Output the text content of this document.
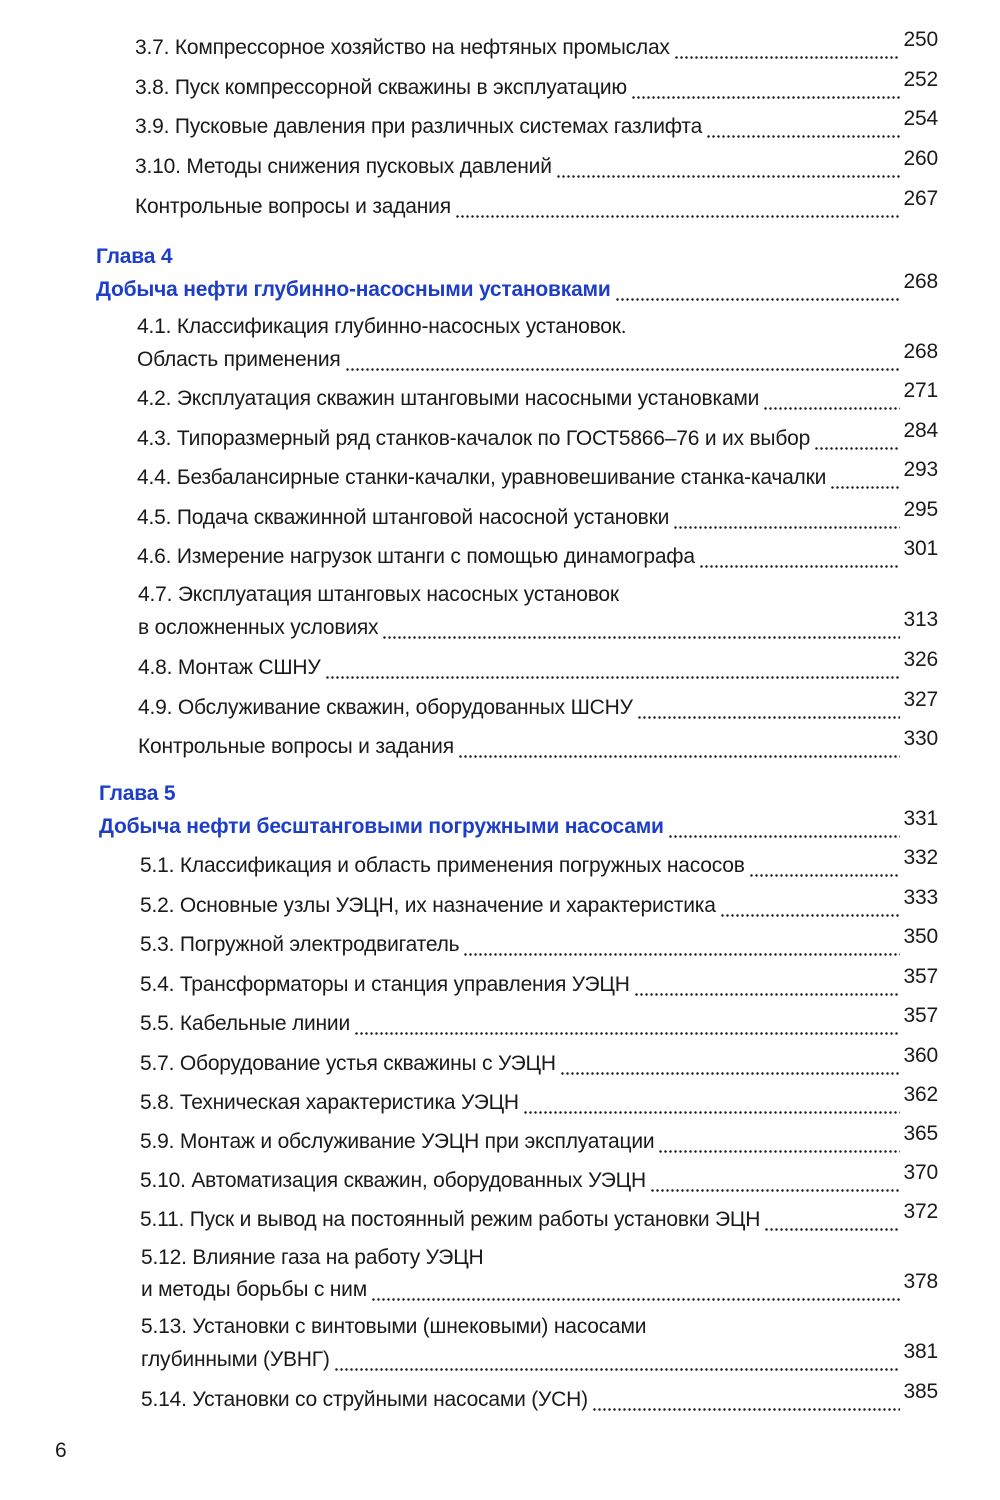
3.7. Компрессорное хозяйство на нефтяных промыслах	250
3.8. Пуск компрессорной скважины в эксплуатацию	252
3.9. Пусковые давления при различных системах газлифта	254
3.10. Методы снижения пусковых давлений	260
Контрольные вопросы и задания	267
Глава 4
Добыча нефти глубинно-насосными установками	268
4.1. Классификация глубинно-насосных установок.
Область применения	268
4.2. Эксплуатация скважин штанговыми насосными установками	271
4.3. Типоразмерный ряд станков-качалок по ГОСТ5866–76 и их выбор	284
4.4. Безбалансирные станки-качалки, уравновешивание станка-качалки	293
4.5. Подача скважинной штанговой насосной установки	295
4.6. Измерение нагрузок штанги с помощью динамографа	301
4.7. Эксплуатация штанговых насосных установок
в осложненных условиях	313
4.8. Монтаж СШНУ	326
4.9. Обслуживание скважин, оборудованных ШСНУ	327
Контрольные вопросы и задания	330
Глава 5
Добыча нефти бесштанговыми погружными насосами	331
5.1. Классификация и область применения погружных насосов	332
5.2. Основные узлы УЭЦН, их назначение и характеристика	333
5.3. Погружной электродвигатель	350
5.4. Трансформаторы и станция управления УЭЦН	357
5.5. Кабельные линии	357
5.7. Оборудование устья скважины с УЭЦН	360
5.8. Техническая характеристика УЭЦН	362
5.9. Монтаж и обслуживание УЭЦН при эксплуатации	365
5.10. Автоматизация скважин, оборудованных УЭЦН	370
5.11. Пуск и вывод на постоянный режим работы установки ЭЦН	372
5.12. Влияние газа на работу УЭЦН
и методы борьбы с ним	378
5.13. Установки с винтовыми (шнековыми) насосами
глубинными (УВНГ)	381
5.14. Установки со струйными насосами (УСН)	385
6
